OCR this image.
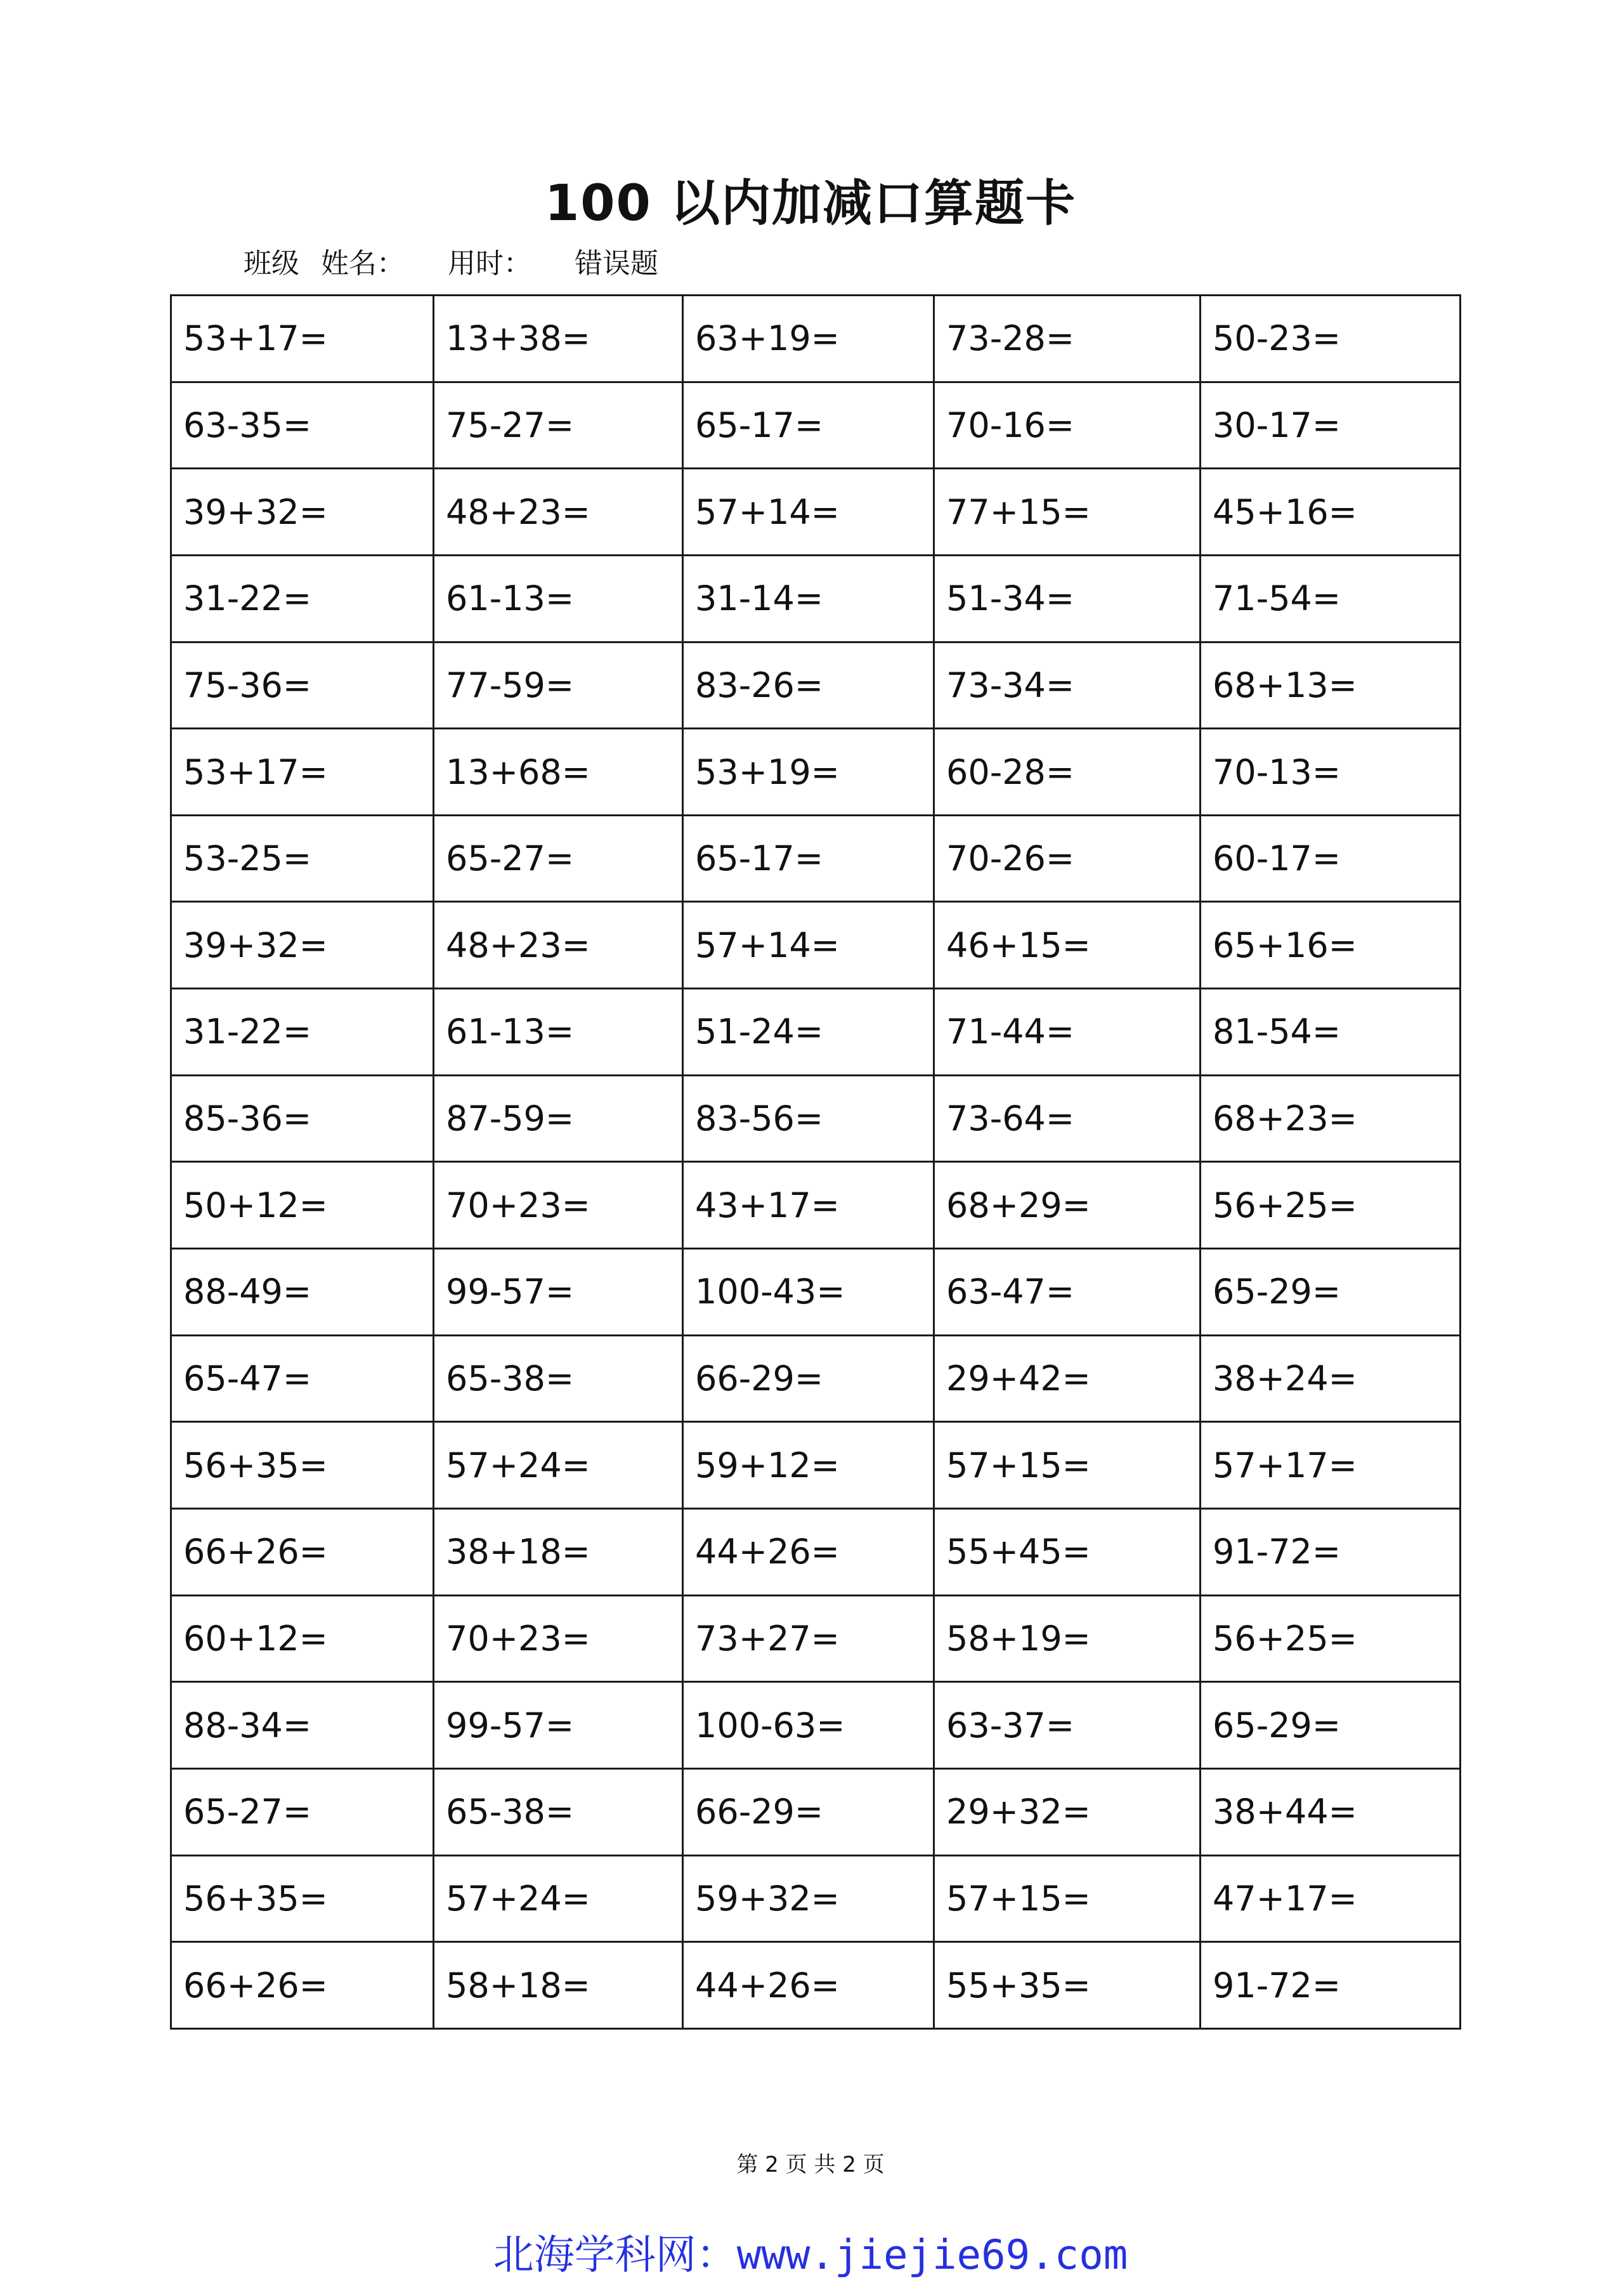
100 以内加减口算题卡
班级 姓名： 用时： 错误题
53+17=	13+38=	63+19=	73-28=	50-23=
63-35=	75-27=	65-17=	70-16=	30-17=
39+32=	48+23=	57+14=	77+15=	45+16=
31-22=	61-13=	31-14=	51-34=	71-54=
75-36=	77-59=	83-26=	73-34=	68+13=
53+17=	13+68=	53+19=	60-28=	70-13=
53-25=	65-27=	65-17=	70-26=	60-17=
39+32=	48+23=	57+14=	46+15=	65+16=
31-22=	61-13=	51-24=	71-44=	81-54=
85-36=	87-59=	83-56=	73-64=	68+23=
50+12=	70+23=	43+17=	68+29=	56+25=
88-49=	99-57=	100-43=	63-47=	65-29=
65-47=	65-38=	66-29=	29+42=	38+24=
56+35=	57+24=	59+12=	57+15=	57+17=
66+26=	38+18=	44+26=	55+45=	91-72=
60+12=	70+23=	73+27=	58+19=	56+25=
88-34=	99-57=	100-63=	63-37=	65-29=
65-27=	65-38=	66-29=	29+32=	38+44=
56+35=	57+24=	59+32=	57+15=	47+17=
66+26=	58+18=	44+26=	55+35=	91-72=
第 2 页 共 2 页
北海学科网：www.jiejie69.com
